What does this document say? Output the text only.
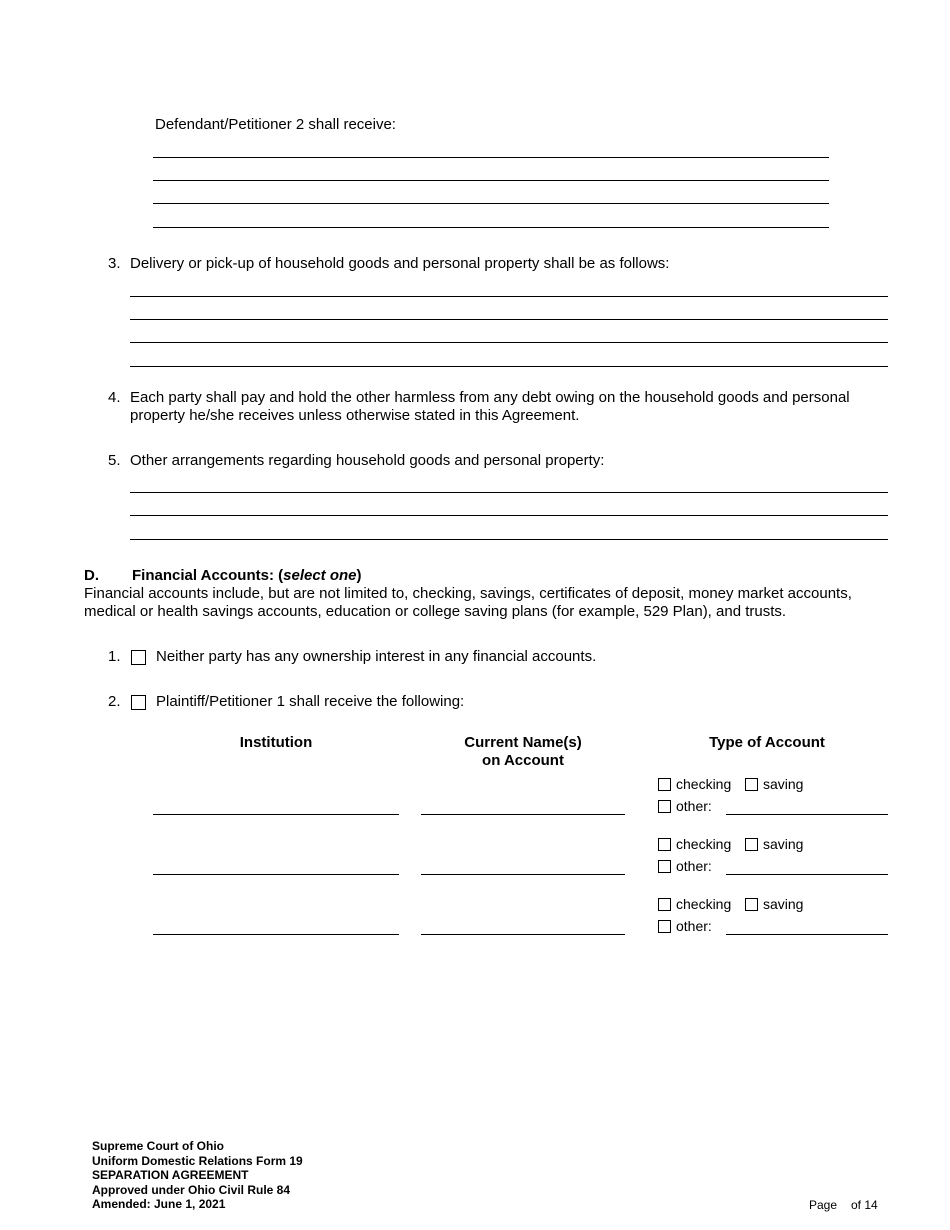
Defendant/Petitioner 2 shall receive:
3. Delivery or pick-up of household goods and personal property shall be as follows:
4. Each party shall pay and hold the other harmless from any debt owing on the household goods and personal
property he/she receives unless otherwise stated in this Agreement.
5. Other arrangements regarding household goods and personal property:
D. Financial Accounts: (select one)
Financial accounts include, but are not limited to, checking, savings, certificates of deposit, money market accounts,
medical or health savings accounts, education or college saving plans (for example, 529 Plan), and trusts.
1. Neither party has any ownership interest in any financial accounts.
2. Plaintiff/Petitioner 1 shall receive the following:
Institution	Current Name(s)
on Account
Type of Account
checking saving
other:
checking saving
other:
checking saving
other:
Supreme Court of Ohio
Uniform Domestic Relations Form 19
SEPARATION AGREEMENT
Approved under Ohio Civil Rule 84
Amended: June 1, 2021	Page of 14
